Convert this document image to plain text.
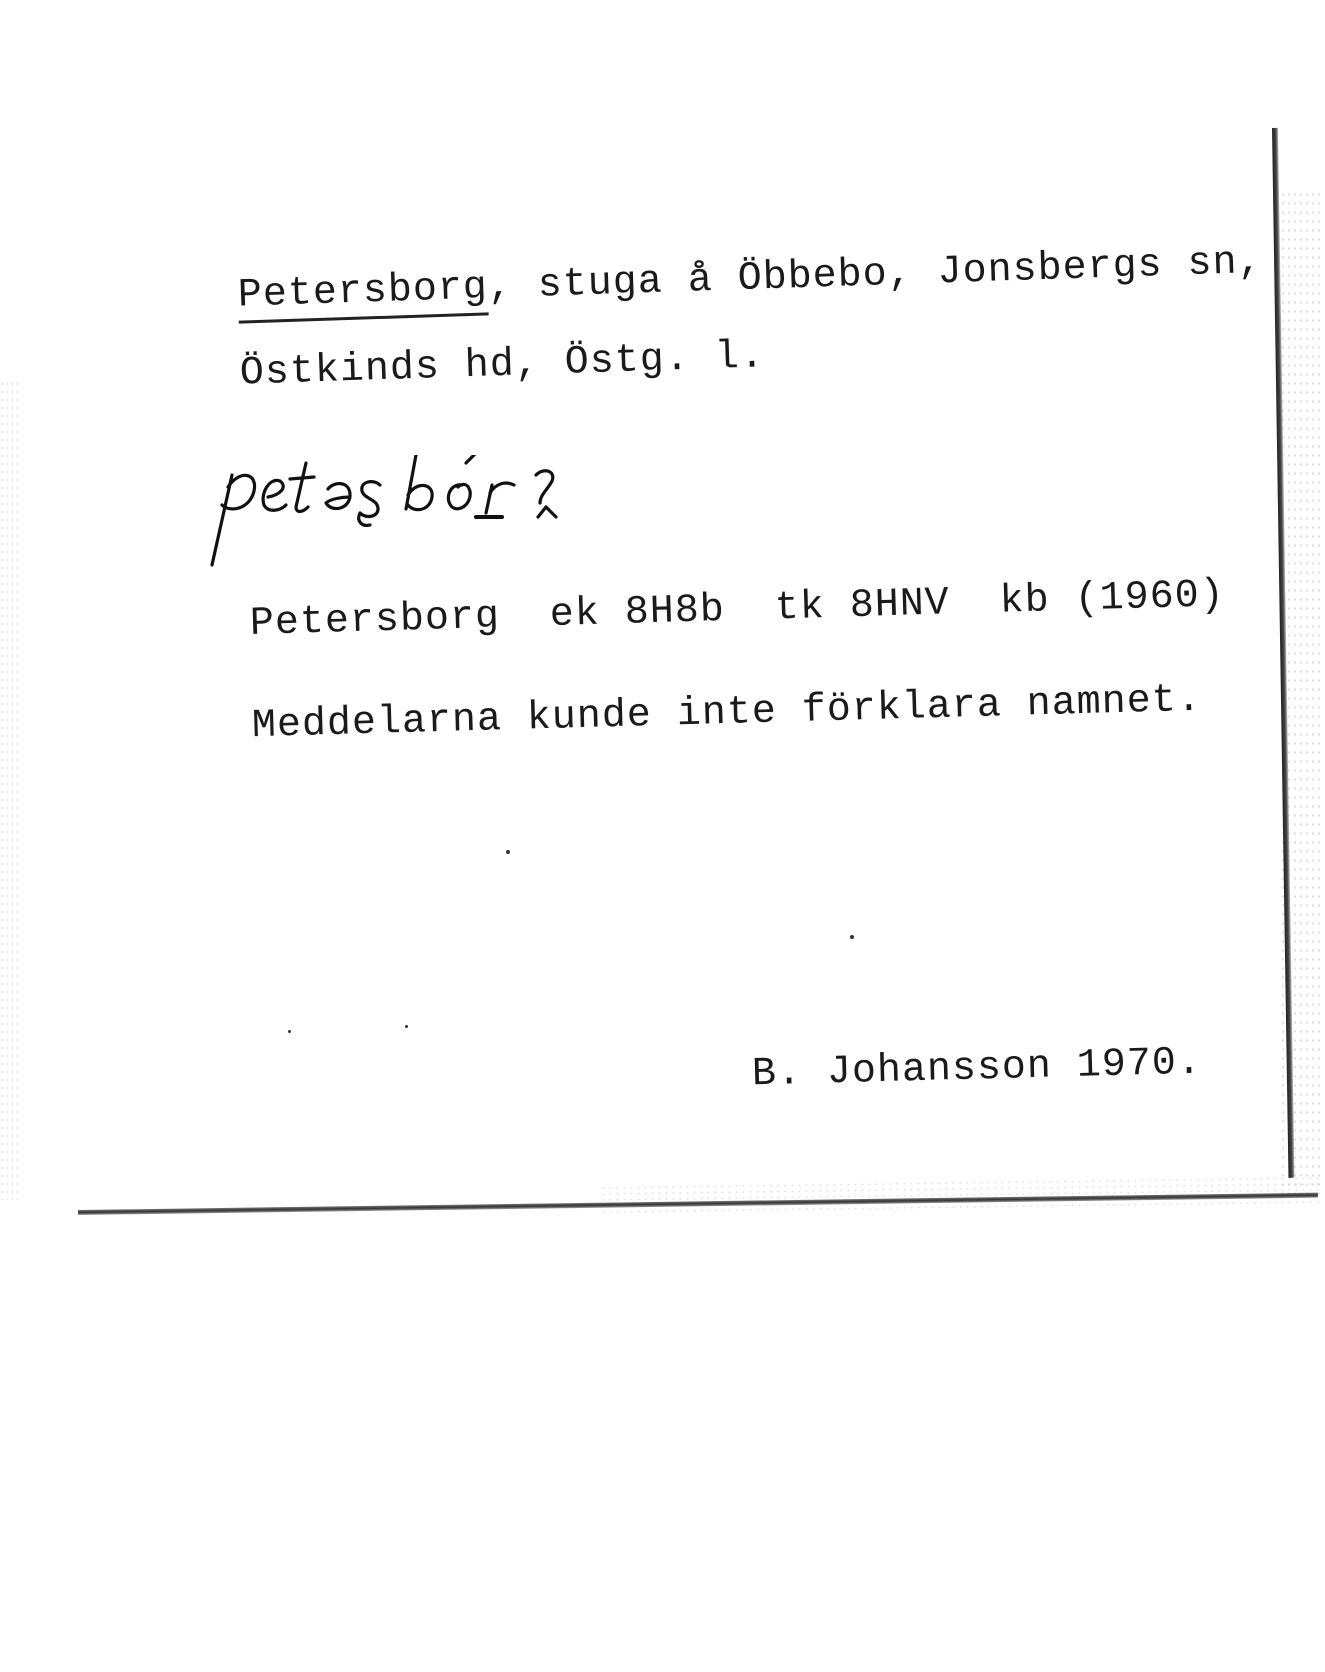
Petersborg, stuga å Öbbebo, Jonsbergs sn,

Östkinds hd, Östg. l.

Petersborg  ek 8H8b  tk 8HNV  kb (1960)

Meddelarna kunde inte förklara namnet.

B. Johansson 1970.
